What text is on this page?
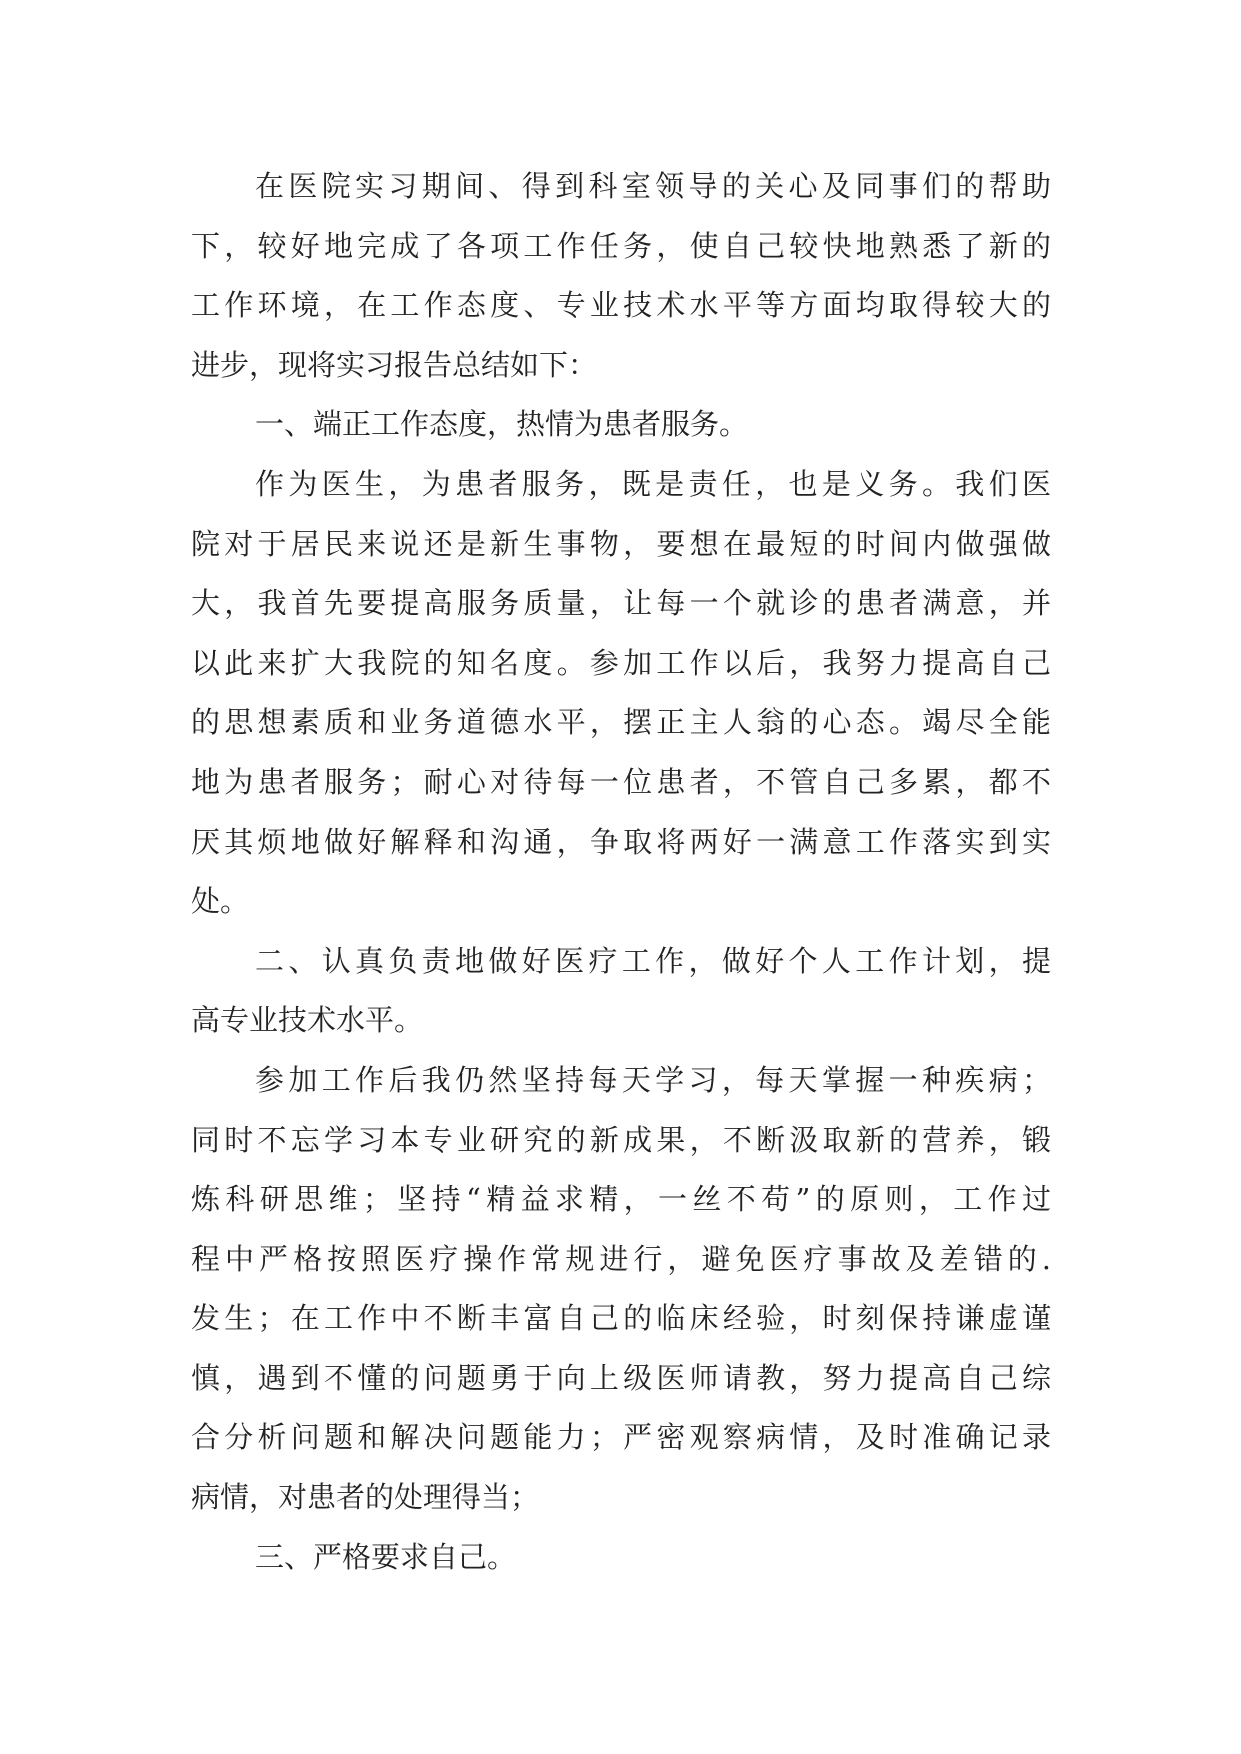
在医院实习期间、得到科室领导的关心及同事们的帮助
下，较好地完成了各项工作任务，使自己较快地熟悉了新的
工作环境，在工作态度、专业技术水平等方面均取得较大的
进步，现将实习报告总结如下：
一、端正工作态度，热情为患者服务。
作为医生，为患者服务，既是责任，也是义务。我们医
院对于居民来说还是新生事物，要想在最短的时间内做强做
大，我首先要提高服务质量，让每一个就诊的患者满意，并
以此来扩大我院的知名度。参加工作以后，我努力提高自己
的思想素质和业务道德水平，摆正主人翁的心态。竭尽全能
地为患者服务；耐心对待每一位患者，不管自己多累，都不
厌其烦地做好解释和沟通，争取将两好一满意工作落实到实
处。
二、认真负责地做好医疗工作，做好个人工作计划，提
高专业技术水平。
参加工作后我仍然坚持每天学习，每天掌握一种疾病；
同时不忘学习本专业研究的新成果，不断汲取新的营养，锻
炼科研思维；坚持“精益求精，一丝不苟”的原则，工作过
程中严格按照医疗操作常规进行，避免医疗事故及差错的.
发生；在工作中不断丰富自己的临床经验，时刻保持谦虚谨
慎，遇到不懂的问题勇于向上级医师请教，努力提高自己综
合分析问题和解决问题能力；严密观察病情，及时准确记录
病情，对患者的处理得当；
三、严格要求自己。
